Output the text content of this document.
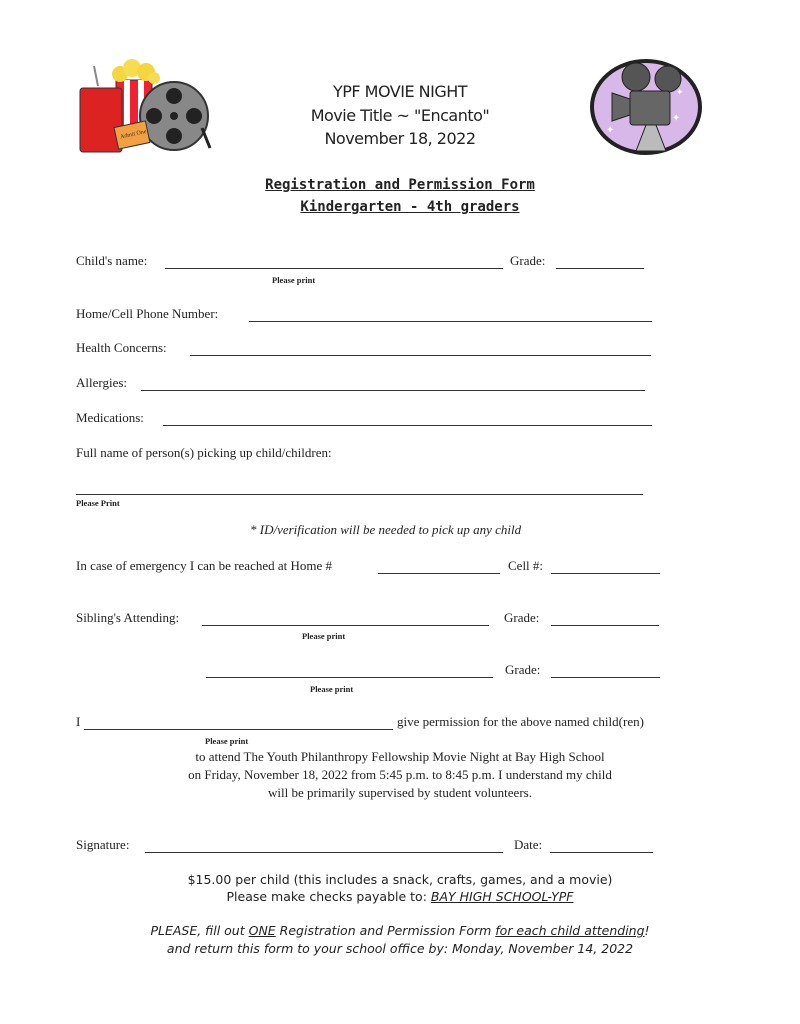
Admit One
YPF MOVIE NIGHT
Movie Title ~ "Encanto"
November 18, 2022
✦
✦
✦
Registration and Permission Form
Kindergarten - 4th graders
Child's name:	Grade:
Please print
Home/Cell Phone Number:
Health Concerns:
Allergies:
Medications:
Full name of person(s) picking up child/children:
Please Print
* ID/verification will be needed to pick up any child
In case of emergency I can be reached at Home #	Cell #:
Sibling's Attending:	Grade:
Please print
Grade:
Please print
I	give permission for the above named child(ren)
Please print
to attend The Youth Philanthropy Fellowship Movie Night at Bay High School
on Friday, November 18, 2022 from 5:45 p.m. to 8:45 p.m. I understand my child
will be primarily supervised by student volunteers.
Signature:	Date:
$15.00 per child (this includes a snack, crafts, games, and a movie)
Please make checks payable to: BAY HIGH SCHOOL-YPF
PLEASE, fill out ONE Registration and Permission Form for each child attending!
and return this form to your school office by: Monday, November 14, 2022
